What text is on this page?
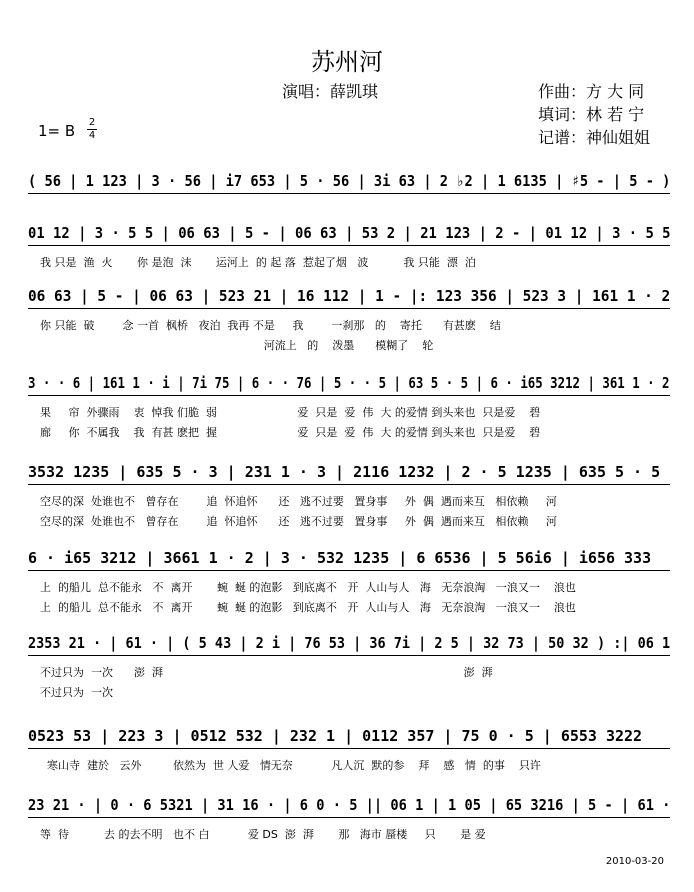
苏州河
演唱：薛凯琪	作曲：方 大 同
填词：林 若 宁
记谱：神仙姐姐
1= B 2
4
( 56 | 1 123 | 3 · 56 | i7 653 | 5 · 56 | 3i 63 | 2 ♭2 | 1 6135 | ♯5 - | 5 - )
01 12 | 3 · 5 5 | 06 63 | 5 - | 06 63 | 53 2 | 21 123 | 2 - | 01 12 | 3 · 5 5
我 只是  渔  火       你 是泡  沫       运河上  的 起 落  惹起了烟   波          我 只能  漂  泊
06 63 | 5 - | 06 63 | 523 21 | 16 112 | 1 - |: 123 356 | 523 3 | 161 1 · 2
你 只能  破        念 一首  枫桥   夜泊  我再 不是     我        一刹那   的    寄托      有甚麽    结
河流上   的    泼墨      模糊了    轮
3 · · 6 | 161 1 · i | 7i 75 | 6 · · 76 | 5 · · 5 | 63 5 · 5 | 6 · i65 3212 | 361 1 · 2
果     帘  外骤雨    衷  悼我 们脆  弱                       爱  只是  爱  伟  大 的爱情 到头来也  只是爱    碧
廊     你  不属我    我  有甚 麽把  握                       爱  只是  爱  伟  大 的爱情 到头来也  只是爱    碧
3532 1235 | 635 5 · 3 | 231 1 · 3 | 2116 1232 | 2 · 5 1235 | 635 5 · 5
空尽的深  处谁也不   曾存在        追  怀追怀      还   逃不过要   置身事     外  偶  遇而来互   相依赖     河
空尽的深  处谁也不   曾存在        追  怀追怀      还   逃不过要   置身事     外  偶  遇而来互   相依赖     河
6 · i65 3212 | 3661 1 · 2 | 3 · 532 1235 | 6 6536 | 5 56i6 | i656 333
上  的船儿  总不能永   不  离开       蜿  蜒 的泡影   到底离不   开  人山与人   海   无奈浪淘   一浪又一    浪也
上  的船儿  总不能永   不  离开       蜿  蜒 的泡影   到底离不   开  人山与人   海   无奈浪淘   一浪又一    浪也
2353 21 · | 61 · | ( 5 43 | 2 i | 76 53 | 36 7i | 2 5 | 32 73 | 50 32 ) :| 06 1
不过只为  一次      澎  湃                                                                                      澎  湃
不过只为  一次
0523 53 | 223 3 | 0512 532 | 232 1 | 0112 357 | 75 0 · 5 | 6553 3222
寒山寺  建於   云外         依然为  世 人爱   情无奈           凡人沉  默的参    拜    感   情  的事    只许
23 21 · | 0 · 6 5321 | 31 16 · | 6 0 · 5 || 06 1 | 1 05 | 65 3216 | 5 - | 61 ·
等  待          去 的去不明   也不 白           爱 DS  澎  湃       那   海市 蜃楼     只       是 爱
2010-03-20
